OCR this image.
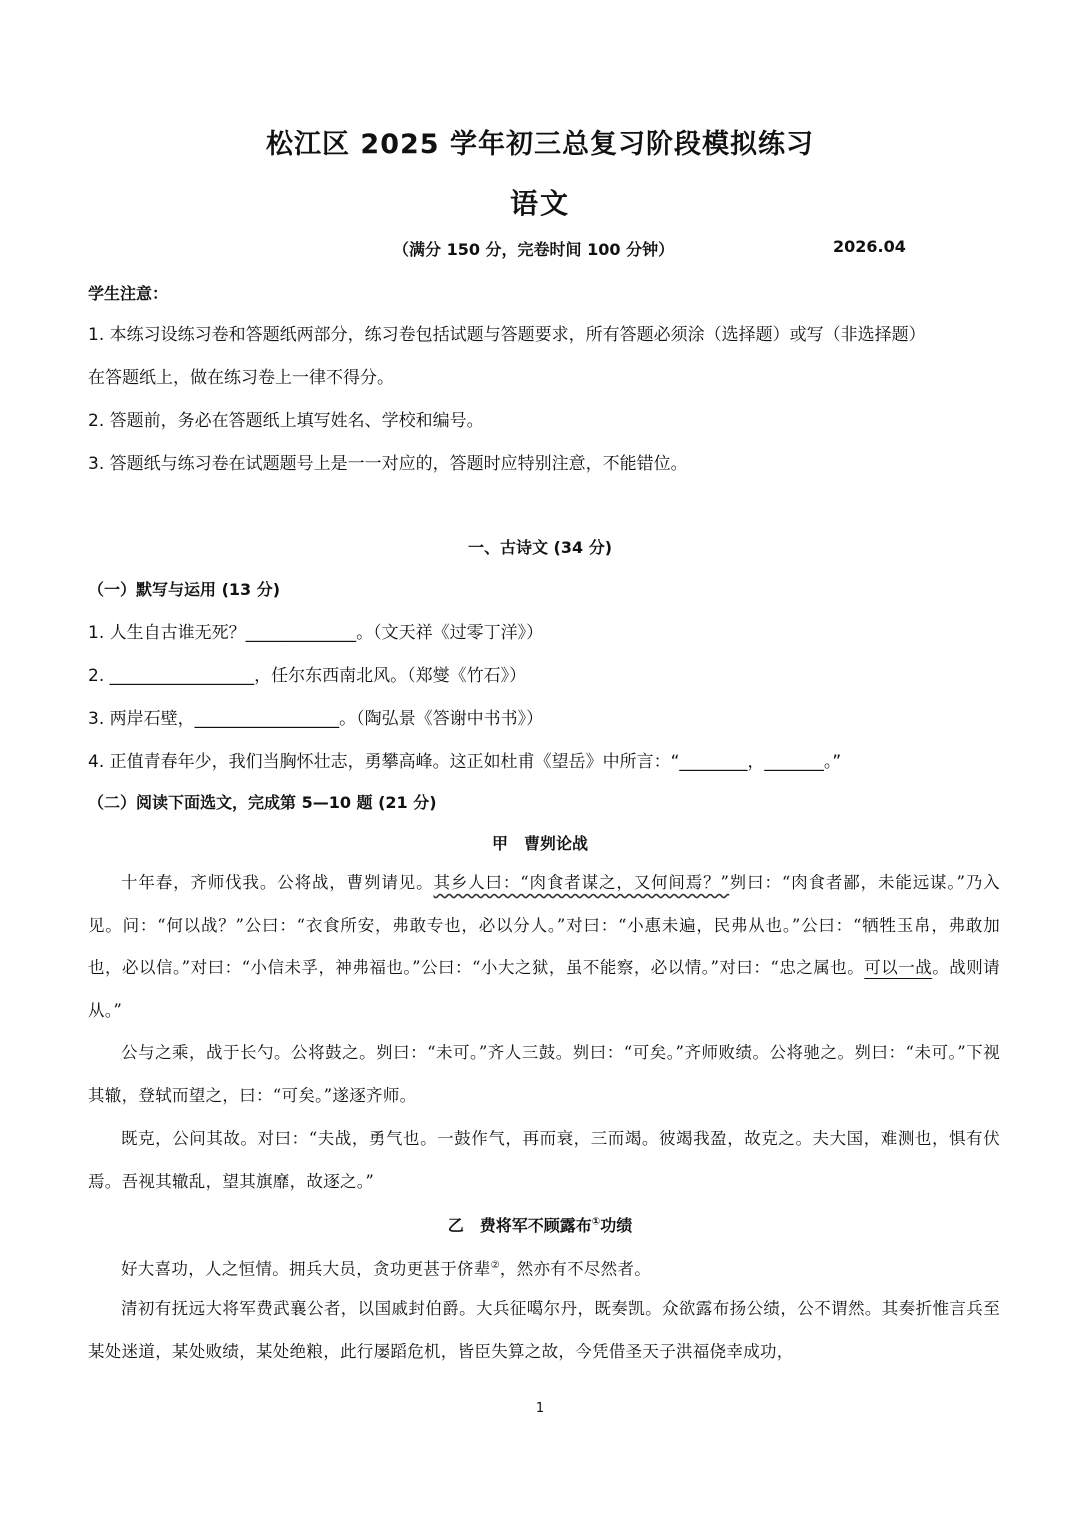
松江区 2025 学年初三总复习阶段模拟练习
语文
（满分 150 分，完卷时间 100 分钟）	2026.04
学生注意：
1. 本练习设练习卷和答题纸两部分，练习卷包括试题与答题要求，所有答题必须涂（选择题）或写（非选择题）
在答题纸上，做在练习卷上一律不得分。
2. 答题前，务必在答题纸上填写姓名、学校和编号。
3. 答题纸与练习卷在试题题号上是一一对应的，答题时应特别注意，不能错位。
一、古诗文 (34 分)
（一）默写与运用 (13 分)
1. 人生自古谁无死？_____________。（文天祥《过零丁洋》）
2. _________________，任尔东西南北风。（郑燮《竹石》）
3. 两岸石壁，_________________。（陶弘景《答谢中书书》）
4. 正值青春年少，我们当胸怀壮志，勇攀高峰。这正如杜甫《望岳》中所言：“________，_______。”
（二）阅读下面选文，完成第 5—10 题 (21 分)
甲　曹刿论战
十年春，齐师伐我。公将战，曹刿请见。其乡人曰：“肉食者谋之，又何间焉？”刿曰：“肉食者鄙，未能远谋。”乃入见。问：“何以战？”公曰：“衣食所安，弗敢专也，必以分人。”对曰：“小惠未遍，民弗从也。”公曰：“牺牲玉帛，弗敢加也，必以信。”对曰：“小信未孚，神弗福也。”公曰：“小大之狱，虽不能察，必以情。”对曰：“忠之属也。可以一战。战则请从。”
公与之乘，战于长勺。公将鼓之。刿曰：“未可。”齐人三鼓。刿曰：“可矣。”齐师败绩。公将驰之。刿曰：“未可。”下视其辙，登轼而望之，曰：“可矣。”遂逐齐师。
既克，公问其故。对曰：“夫战，勇气也。一鼓作气，再而衰，三而竭。彼竭我盈，故克之。夫大国，难测也，惧有伏焉。吾视其辙乱，望其旗靡，故逐之。”
乙　费将军不顾露布①功绩
好大喜功，人之恒情。拥兵大员，贪功更甚于侪辈②，然亦有不尽然者。
清初有抚远大将军费武襄公者，以国戚封伯爵。大兵征噶尔丹，既奏凯。众欲露布扬公绩，公不谓然。其奏折惟言兵至某处迷道，某处败绩，某处绝粮，此行屡蹈危机，皆臣失算之故，今凭借圣天子洪福侥幸成功，
1
